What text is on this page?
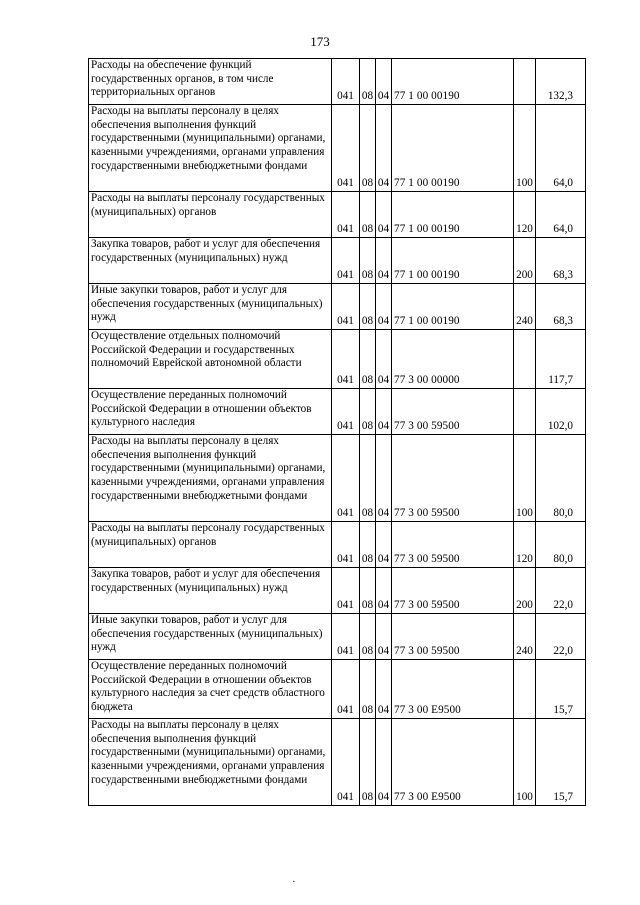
173
Расходы на обеспечение функций государственных органов, в том числе территориальных органов	041	08	04	77 1 00 00190		132,3
Расходы на выплаты персоналу в целях обеспечения выполнения функций государственными (муниципальными) органами, казенными учреждениями, органами управления государственными внебюджетными фондами	041	08	04	77 1 00 00190	100	64,0
Расходы на выплаты персоналу государственных (муниципальных) органов	041	08	04	77 1 00 00190	120	64,0
Закупка товаров, работ и услуг для обеспечения государственных (муниципальных) нужд	041	08	04	77 1 00 00190	200	68,3
Иные закупки товаров, работ и услуг для обеспечения государственных (муниципальных) нужд	041	08	04	77 1 00 00190	240	68,3
Осуществление отдельных полномочий Российской Федерации и государственных полномочий Еврейской автономной области	041	08	04	77 3 00 00000		117,7
Осуществление переданных полномочий Российской Федерации в отношении объектов культурного наследия	041	08	04	77 3 00 59500		102,0
Расходы на выплаты персоналу в целях обеспечения выполнения функций государственными (муниципальными) органами, казенными учреждениями, органами управления государственными внебюджетными фондами	041	08	04	77 3 00 59500	100	80,0
Расходы на выплаты персоналу государственных (муниципальных) органов	041	08	04	77 3 00 59500	120	80,0
Закупка товаров, работ и услуг для обеспечения государственных (муниципальных) нужд	041	08	04	77 3 00 59500	200	22,0
Иные закупки товаров, работ и услуг для обеспечения государственных (муниципальных) нужд	041	08	04	77 3 00 59500	240	22,0
Осуществление переданных полномочий Российской Федерации в отношении объектов культурного наследия за счет средств областного бюджета	041	08	04	77 3 00 E9500		15,7
Расходы на выплаты персоналу в целях обеспечения выполнения функций государственными (муниципальными) органами, казенными учреждениями, органами управления государственными внебюджетными фондами	041	08	04	77 3 00 E9500	100	15,7
·
